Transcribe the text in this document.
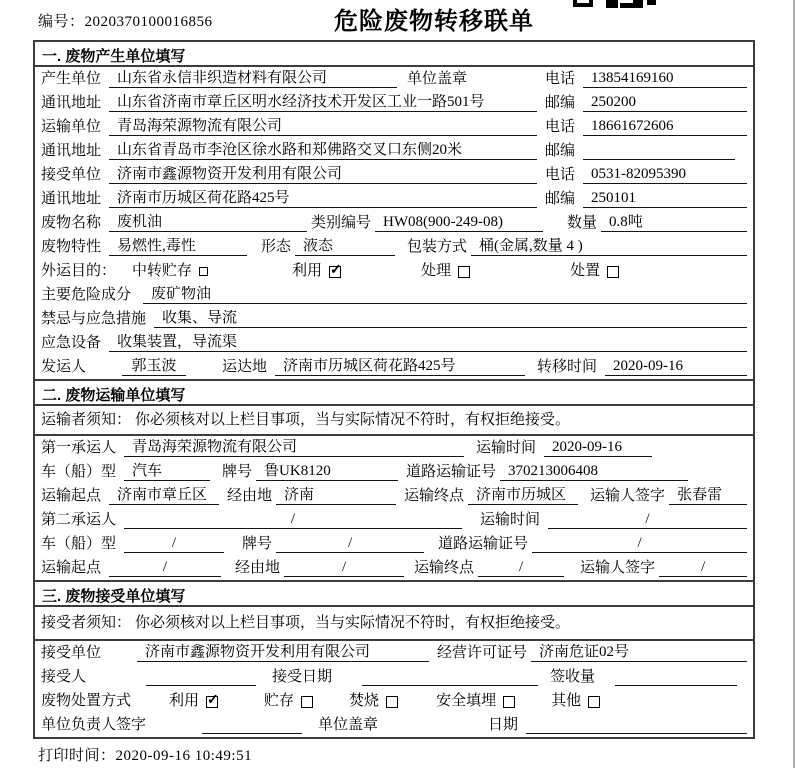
编号：2020370100016856	危险废物转移联单
一. 废物产生单位填写
产生单位	山东省永信非织造材料有限公司	单位盖章	电话	13854169160
通讯地址	山东省济南市章丘区明水经济技术开发区工业一路501号	邮编	250200
运输单位	青岛海荣源物流有限公司	电话	18661672606
通讯地址	山东省青岛市李沧区徐水路和郑佛路交叉口东侧20米	邮编
接受单位	济南市鑫源物资开发利用有限公司	电话	0531-82095390
通讯地址	济南市历城区荷花路425号	邮编	250101
废物名称	废机油	类别编号 HW08(900-249-08)	数量 0.8吨
废物特性	易燃性,毒性	形态 液态	包装方式 桶(金属,数量 4 )
外运目的：	中转贮存	利用 ✓	处理	处置
主要危险成分	废矿物油
禁忌与应急措施	收集、导流
应急设备	收集装置，导流渠
发运人	郭玉波	运达地	济南市历城区荷花路425号	转移时间	2020-09-16
二. 废物运输单位填写
运输者须知： 你必须核对以上栏目事项，当与实际情况不符时，有权拒绝接受。
第一承运人	青岛海荣源物流有限公司	运输时间	2020-09-16
车（船）型	汽车	牌号 鲁UK8120	道路运输证号 370213006408
运输起点	济南市章丘区	经由地 济南	运输终点 济南市历城区	运输人签字 张春雷
第二承运人	/	运输时间	/
车（船）型	/	牌号	/	道路运输证号	/
运输起点	/	经由地	/	运输终点	/	运输人签字	/
三. 废物接受单位填写
接受者须知： 你必须核对以上栏目事项，当与实际情况不符时，有权拒绝接受。
接受单位	济南市鑫源物资开发利用有限公司	经营许可证号 济南危证02号
接受人	接受日期	签收量
废物处置方式	利用 ✓	贮存	焚烧	安全填埋	其他
单位负责人签字	单位盖章	日期
打印时间：2020-09-16 10:49:51
